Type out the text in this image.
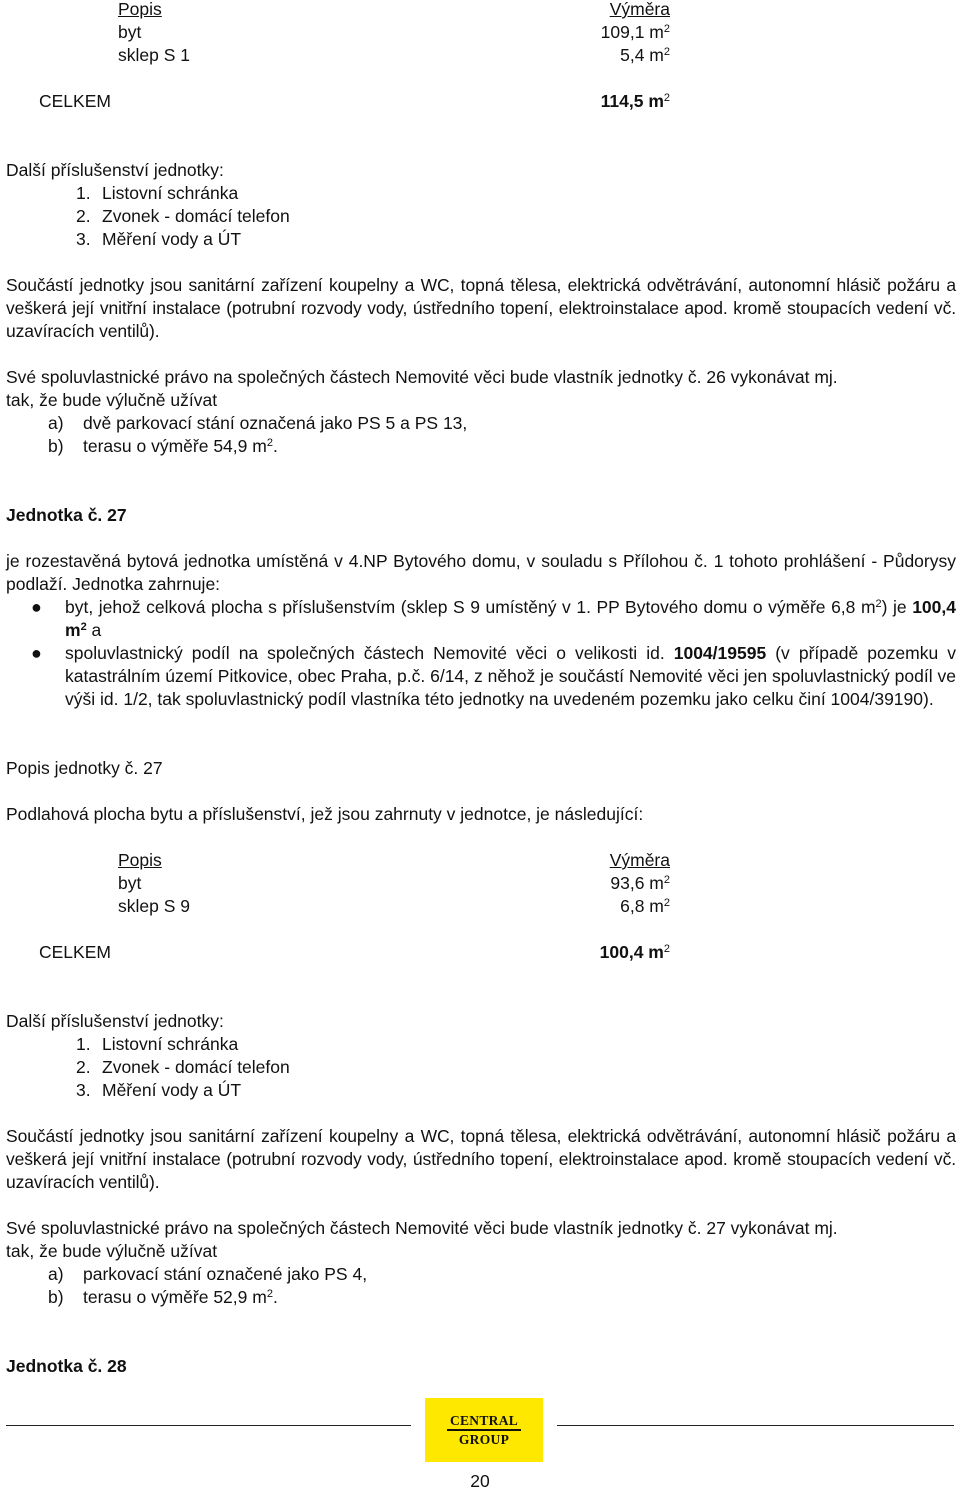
Popis	Výměra
byt	109,1 $m^2$
sklep S 1	5,4 $m^2$
CELKEM	114,5 $m^2$

Další příslušenství jednotky:

1. Listovní schránka
2. Zvonek - domácí telefon
3. Měření vody a ÚT

Součástí jednotky jsou sanitární zařízení koupelny a WC, topná tělesa, elektrická odvětrávání, autonomní hlásič požáru a veškerá její vnitřní instalace (potrubní rozvody vody, ústředního topení, elektroinstalace apod. kromě stoupacích vedení vč. uzavíracích ventilů).

Své spoluvlastnické právo na společných částech Nemovité věci bude vlastník jednotky č. 26 vykonávat mj.

tak, že bude výlučně užívat

a) dvě parkovací stání označená jako PS 5 a PS 13,
b) terasu o výměře 54,9 $m^2$.

Jednotka č. 27

je rozestavěná bytová jednotka umístěná v 4.NP Bytového domu, v souladu s Přílohou č. 1 tohoto prohlášení - Půdorysy podlaží. Jednotka zahrnuje:

● byt, jehož celková plocha s příslušenstvím (sklep S 9 umístěný v 1. PP Bytového domu o výměře 6,8 $m^2$) je 100,4 $m^2$ a
● spoluvlastnický podíl na společných částech Nemovité věci o velikosti id. 1004/19595 (v případě pozemku v katastrálním území Pitkovice, obec Praha, p.č. 6/14, z něhož je součástí Nemovité věci jen spoluvlastnický podíl ve výši id. 1/2, tak spoluvlastnický podíl vlastníka této jednotky na uvedeném pozemku jako celku činí 1004/39190).

Popis jednotky č. 27

Podlahová plocha bytu a příslušenství, jež jsou zahrnuty v jednotce, je následující:

Popis	Výměra
byt	93,6 $m^2$
sklep S 9	6,8 $m^2$
CELKEM	100,4 $m^2$

Další příslušenství jednotky:

1. Listovní schránka
2. Zvonek - domácí telefon
3. Měření vody a ÚT

Součástí jednotky jsou sanitární zařízení koupelny a WC, topná tělesa, elektrická odvětrávání, autonomní hlásič požáru a veškerá její vnitřní instalace (potrubní rozvody vody, ústředního topení, elektroinstalace apod. kromě stoupacích vedení vč. uzavíracích ventilů).

Své spoluvlastnické právo na společných částech Nemovité věci bude vlastník jednotky č. 27 vykonávat mj.

tak, že bude výlučně užívat

a) parkovací stání označené jako PS 4,
b) terasu o výměře 52,9 $m^2$.

Jednotka č. 28

CENTRAL
GROUP
20
